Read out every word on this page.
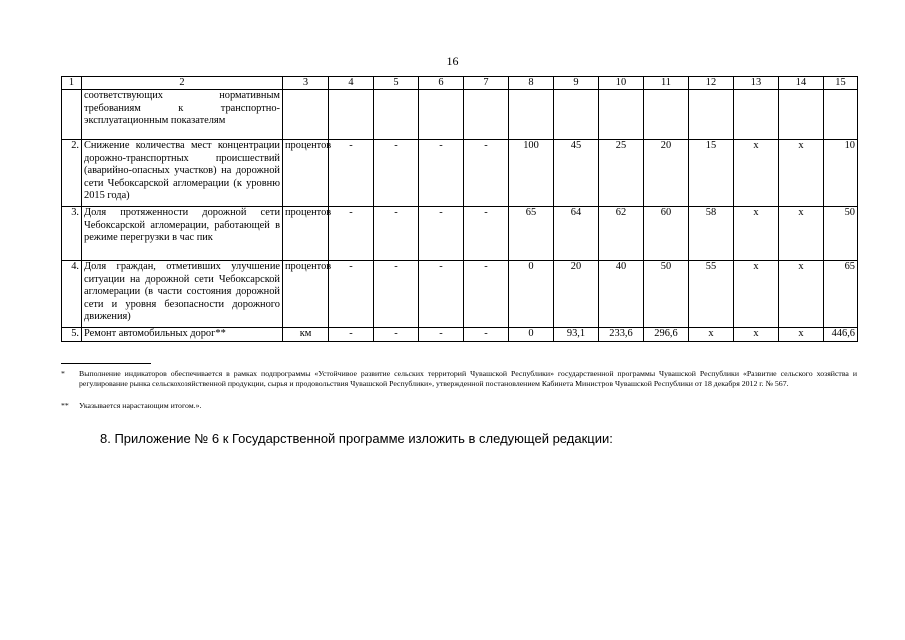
16
1	2	3	4	5	6	7	8	9	10	11	12	13	14	15
	соответствующих нормативным требованиям к транспортно-эксплуатационным показателям													
2.	Снижение количества мест концентрации дорожно-транспортных происшествий (аварийно-опасных участков) на дорожной сети Чебоксарской агломерации (к уровню 2015 года)	процентов	-	-	-	-	100	45	25	20	15	x	x	10
3.	Доля протяженности дорожной сети Чебоксарской агломерации, работающей в режиме перегрузки в час пик	процентов	-	-	-	-	65	64	62	60	58	x	x	50
4.	Доля граждан, отметивших улучшение ситуации на дорожной сети Чебоксарской агломерации (в части состояния дорожной сети и уровня безопасности дорожного движения)	процентов	-	-	-	-	0	20	40	50	55	x	x	65
5.	Ремонт автомобильных дорог**	км	-	-	-	-	0	93,1	233,6	296,6	x	x	x	446,6
* Выполнение индикаторов обеспечивается в рамках подпрограммы «Устойчивое развитие сельских территорий Чувашской Республики» государственной программы Чувашской Республики «Развитие сельского хозяйства и регулирование рынка сельскохозяйственной продукции, сырья и продовольствия Чувашской Республики», утвержденной постановлением Кабинета Министров Чувашской Республики от 18 декабря 2012 г. № 567.
** Указывается нарастающим итогом.».
8. Приложение № 6 к Государственной программе изложить в следующей редакции:
